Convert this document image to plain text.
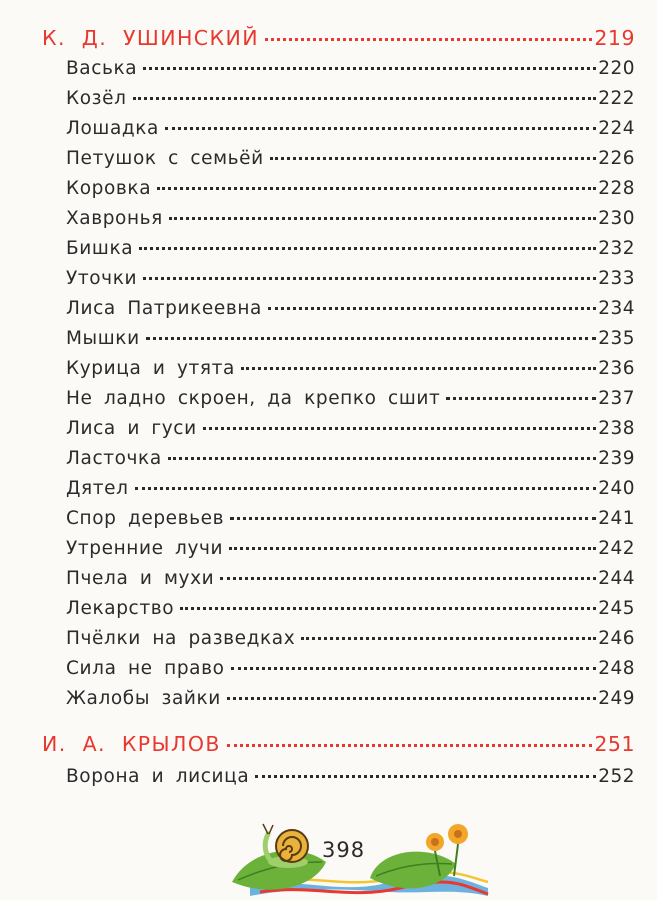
К. Д. УШИНСКИЙ	219
Васька	220
Козёл	222
Лошадка	224
Петушок с семьёй	226
Коровка	228
Хавронья	230
Бишка	232
Уточки	233
Лиса Патрикеевна	234
Мышки	235
Курица и утята	236
Не ладно скроен, да крепко сшит	237
Лиса и гуси	238
Ласточка	239
Дятел	240
Спор деревьев	241
Утренние лучи	242
Пчела и мухи	244
Лекарство	245
Пчёлки на разведках	246
Сила не право	248
Жалобы зайки	249
И. А. КРЫЛОВ	251
Ворона и лисица	252
398
